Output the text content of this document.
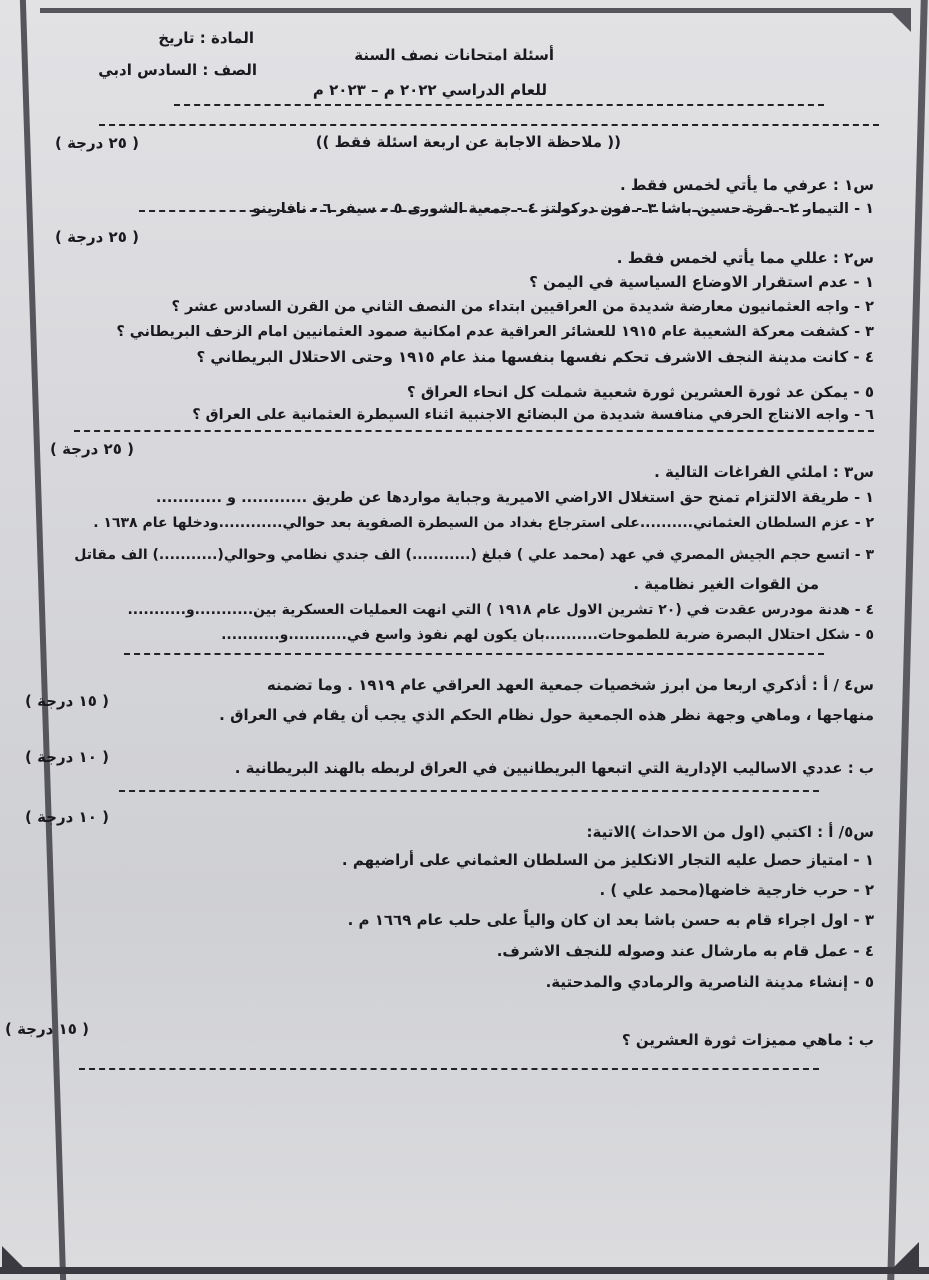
المادة : تاريخ
الصف : السادس ادبي
أسئلة امتحانات نصف السنة
للعام الدراسي ٢٠٢٢ م – ٢٠٢٣ م
(( ملاحظة الاجابة عن اربعة اسئلة فقط ))
( ٢٥ درجة )
س١ : عرفي ما يأتي لخمس فقط .
١ - التيمار ٢ - قرة حسين باشا ٣ - فون دركولتز ٤ - جمعية الشورى ٥ – سيفر ٦ - نافارينو
( ٢٥ درجة )
س٢ : عللي مما يأتي لخمس فقط .
١ - عدم استقرار الاوضاع السياسية في اليمن ؟
٢ - واجه العثمانيون معارضة شديدة من العراقيين ابتداء من النصف الثاني من القرن السادس عشر ؟
٣ - كشفت معركة الشعيبة عام ١٩١٥ للعشائر العراقية عدم امكانية صمود العثمانيين امام الزحف البريطاني ؟
٤ - كانت مدينة النجف الاشرف تحكم نفسها بنفسها منذ عام ١٩١٥ وحتى الاحتلال البريطاني ؟
٥ - يمكن عد ثورة العشرين ثورة شعبية شملت كل انحاء العراق ؟
٦ - واجه الانتاج الحرفي منافسة شديدة من البضائع الاجنبية اثناء السيطرة العثمانية على العراق ؟
( ٢٥ درجة )
س٣ : املئي الفراغات التالية .
١ - طريقة الالتزام تمنح حق استغلال الاراضي الاميرية وجباية مواردها عن طريق ............ و ............
٢ - عزم السلطان العثماني..........على استرجاع بغداد من السيطرة الصفوية بعد حوالي............ودخلها عام ١٦٣٨ .
٣ - اتسع حجم الجيش المصري في عهد (محمد علي ) فبلغ (...........) الف جندي نظامي وحوالي(...........) الف مقاتل
من القوات الغير نظامية .
٤ - هدنة مودرس عقدت في (٢٠ تشرين الاول عام ١٩١٨ ) التي انهت العمليات العسكرية بين...........و...........
٥ - شكل احتلال البصرة ضربة للطموحات..........بان يكون لهم نفوذ واسع في...........و...........
س٤ / أ : أذكري اربعا من ابرز شخصيات جمعية العهد العراقي عام ١٩١٩ . وما تضمنه
( ١٥ درجة )
منهاجها ، وماهي وجهة نظر هذه الجمعية حول نظام الحكم الذي يجب أن يقام في العراق .
( ١٠ درجة )
ب : عددي الاساليب الإدارية التي اتبعها البريطانيين في العراق لربطه بالهند البريطانية .
( ١٠ درجة )
س٥/ أ : اكتبي (اول من الاحداث )الاتية:
١ - امتياز حصل عليه التجار الانكليز من السلطان العثماني على أراضيهم .
٢ - حرب خارجية خاضها(محمد علي ) .
٣ - اول اجراء قام به حسن باشا بعد ان كان والياً على حلب عام ١٦٦٩ م .
٤ - عمل قام به مارشال عند وصوله للنجف الاشرف.
٥ - إنشاء مدينة الناصرية والرمادي والمدحتية.
( ١٥ درجة )
ب : ماهي مميزات ثورة العشرين ؟
